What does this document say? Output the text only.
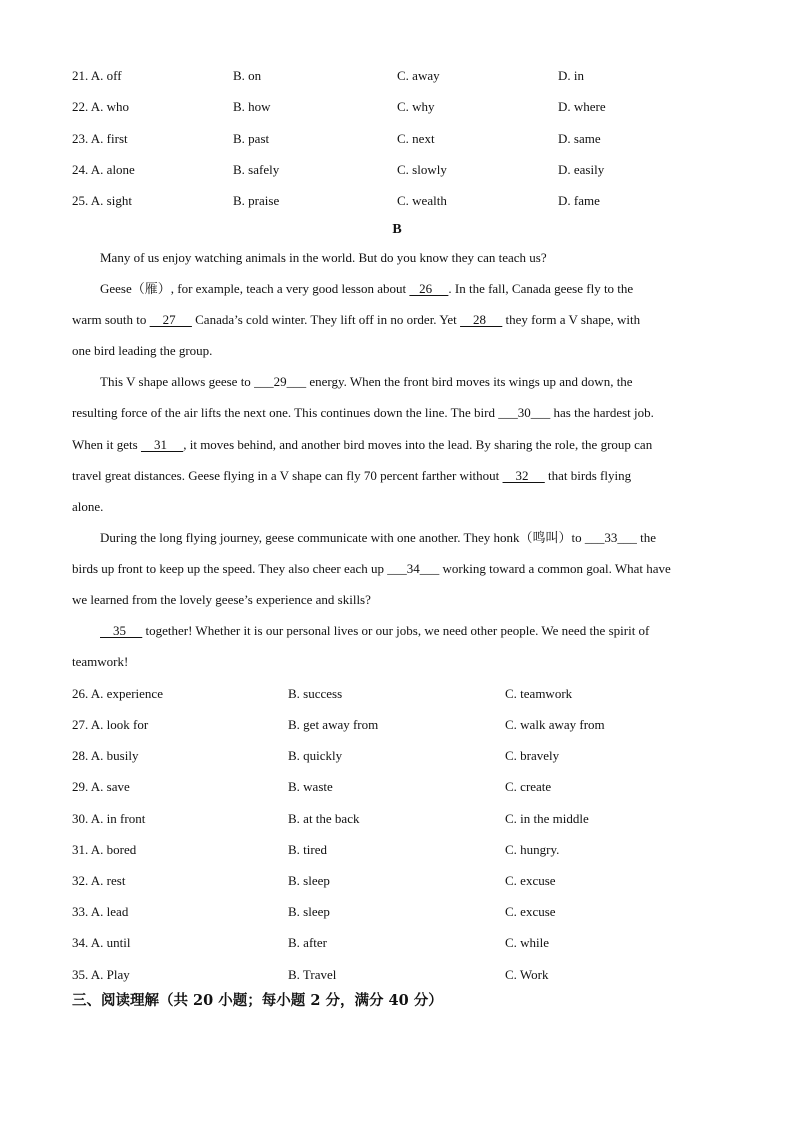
21. A. off	B. on	C. away	D. in
22. A. who	B. how	C. why	D. where
23. A. first	B. past	C. next	D. same
24. A. alone	B. safely	C. slowly	D. easily
25. A. sight	B. praise	C. wealth	D. fame
B
Many of us enjoy watching animals in the world. But do you know they can teach us?
Geese（雁）, for example, teach a very good lesson about    26     . In the fall, Canada geese fly to the
warm south to     27      Canada’s cold winter. They lift off in no order. Yet     28      they form a V shape, with
one bird leading the group.
This V shape allows geese to ___29___ energy. When the front bird moves its wings up and down, the
resulting force of the air lifts the next one. This continues down the line. The bird ___30___ has the hardest job.
When it gets     31     , it moves behind, and another bird moves into the lead. By sharing the role, the group can
travel great distances. Geese flying in a V shape can fly 70 percent farther without     32      that birds flying
alone.
During the long flying journey, geese communicate with one another. They honk（鸣叫）to ___33___ the
birds up front to keep up the speed. They also cheer each up ___34___ working toward a common goal. What have
we learned from the lovely geese’s experience and skills?
35      together! Whether it is our personal lives or our jobs, we need other people. We need the spirit of
teamwork!
26. A. experience	B. success	C. teamwork
27. A. look for	B. get away from	C. walk away from
28. A. busily	B. quickly	C. bravely
29. A. save	B. waste	C. create
30. A. in front	B. at the back	C. in the middle
31. A. bored	B. tired	C. hungry.
32. A. rest	B. sleep	C. excuse
33. A. lead	B. sleep	C. excuse
34. A. until	B. after	C. while
35. A. Play	B. Travel	C. Work
三、阅读理解（共 20 小题；每小题 2 分，满分 40 分）
